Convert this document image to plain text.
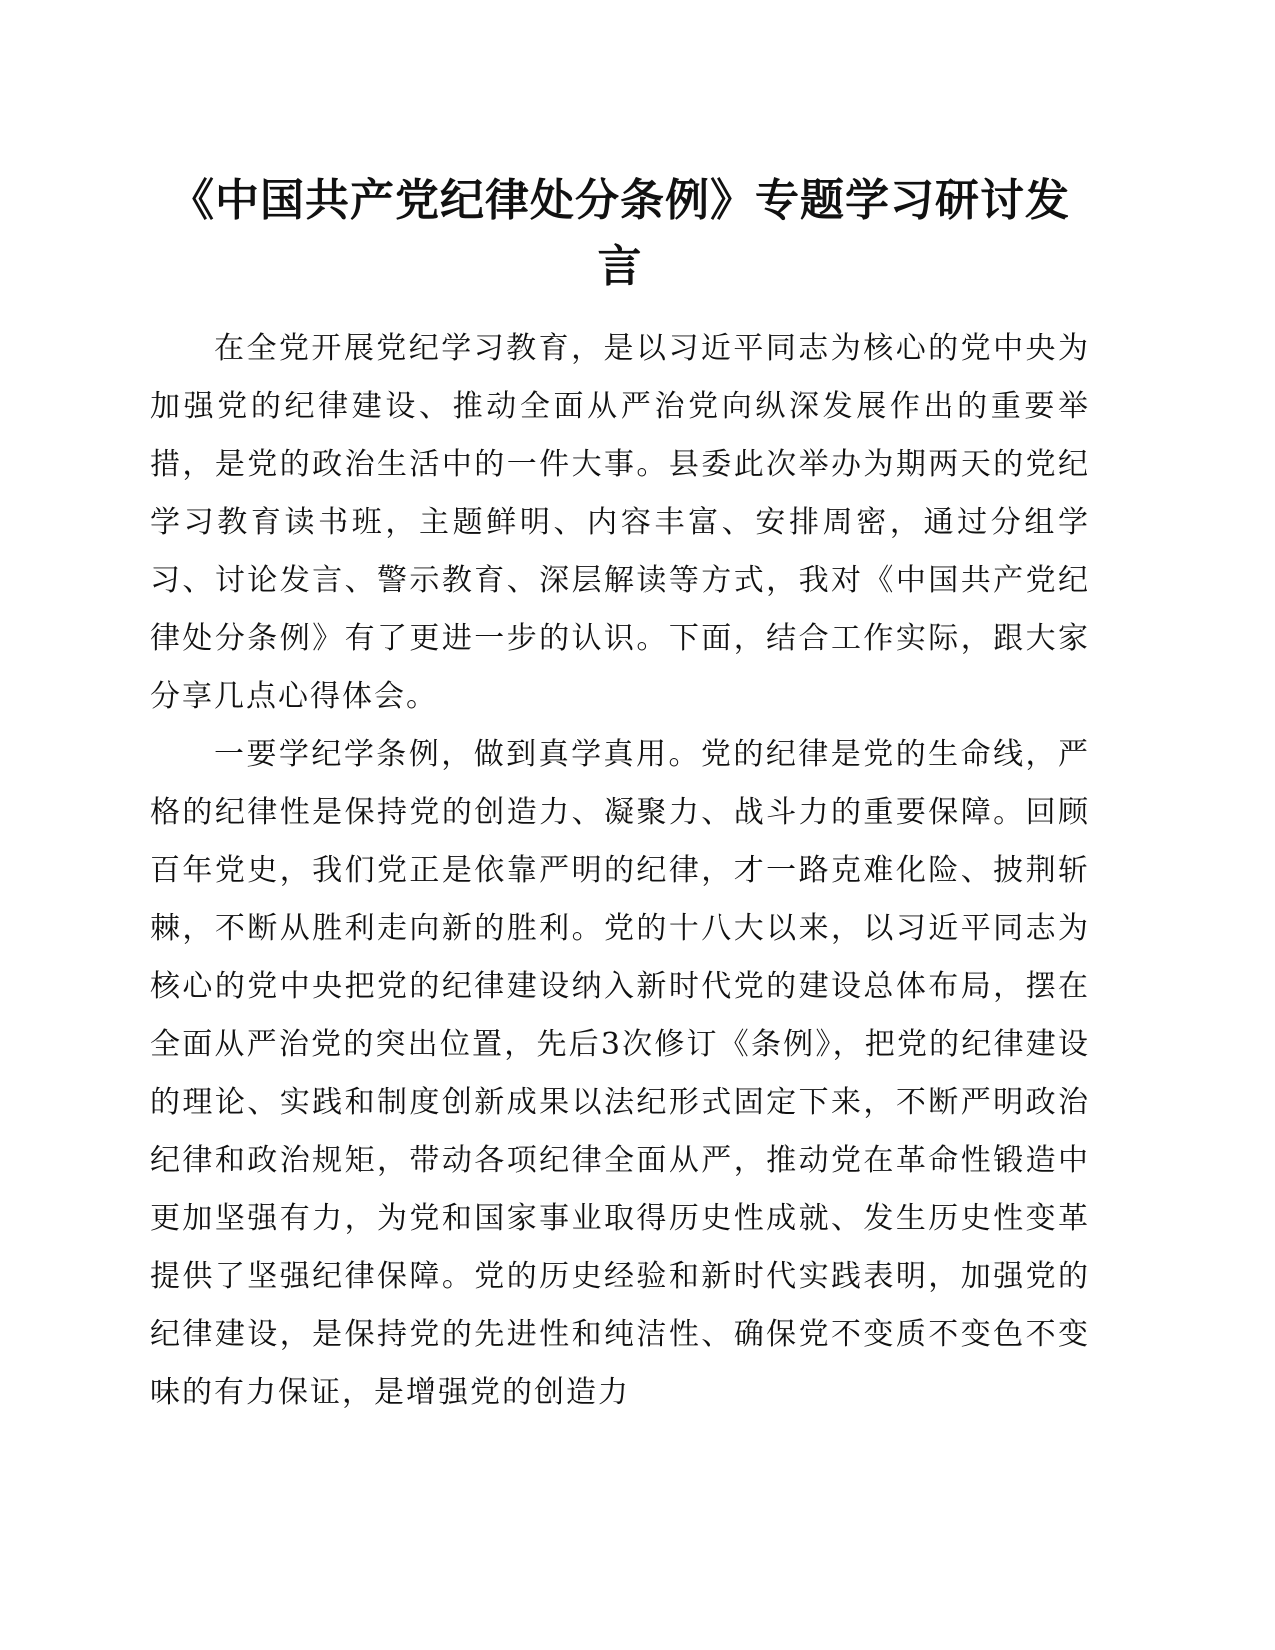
《中国共产党纪律处分条例》专题学习研讨发言

在全党开展党纪学习教育，是以习近平同志为核心的党中央为加强党的纪律建设、推动全面从严治党向纵深发展作出的重要举措，是党的政治生活中的一件大事。县委此次举办为期两天的党纪学习教育读书班，主题鲜明、内容丰富、安排周密，通过分组学习、讨论发言、警示教育、深层解读等方式，我对《中国共产党纪律处分条例》有了更进一步的认识。下面，结合工作实际，跟大家分享几点心得体会。

一要学纪学条例，做到真学真用。党的纪律是党的生命线，严格的纪律性是保持党的创造力、凝聚力、战斗力的重要保障。回顾百年党史，我们党正是依靠严明的纪律，才一路克难化险、披荆斩棘，不断从胜利走向新的胜利。党的十八大以来，以习近平同志为核心的党中央把党的纪律建设纳入新时代党的建设总体布局，摆在全面从严治党的突出位置，先后3次修订《条例》，把党的纪律建设的理论、实践和制度创新成果以法纪形式固定下来，不断严明政治纪律和政治规矩，带动各项纪律全面从严，推动党在革命性锻造中更加坚强有力，为党和国家事业取得历史性成就、发生历史性变革提供了坚强纪律保障。党的历史经验和新时代实践表明，加强党的纪律建设，是保持党的先进性和纯洁性、确保党不变质不变色不变味的有力保证，是增强党的创造力
